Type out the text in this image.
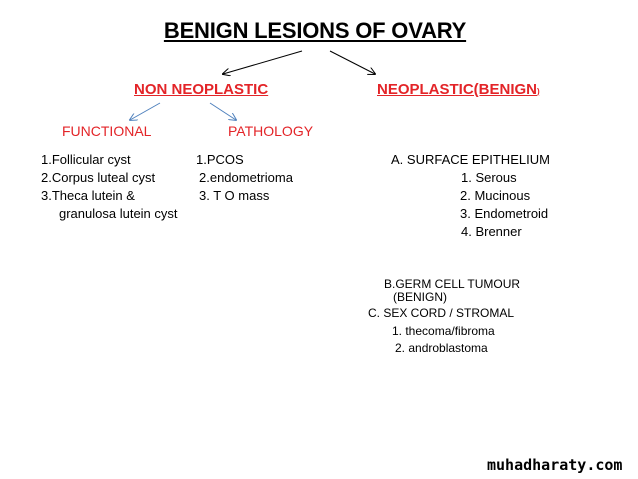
BENIGN LESIONS OF OVARY
NON NEOPLASTIC
FUNCTIONAL	PATHOLOGY
1.Follicular cyst
2.Corpus luteal cyst
3.Theca lutein &
granulosa lutein cyst
1.PCOS
2.endometrioma
3. T O mass
NEOPLASTIC(BENIGN)
A. SURFACE EPITHELIUM
1. Serous
2. Mucinous
3. Endometroid
4. Brenner
B.GERM CELL TUMOUR
(BENIGN)
C. SEX CORD / STROMAL
1. thecoma/fibroma
2. androblastoma
muhadharaty.com
